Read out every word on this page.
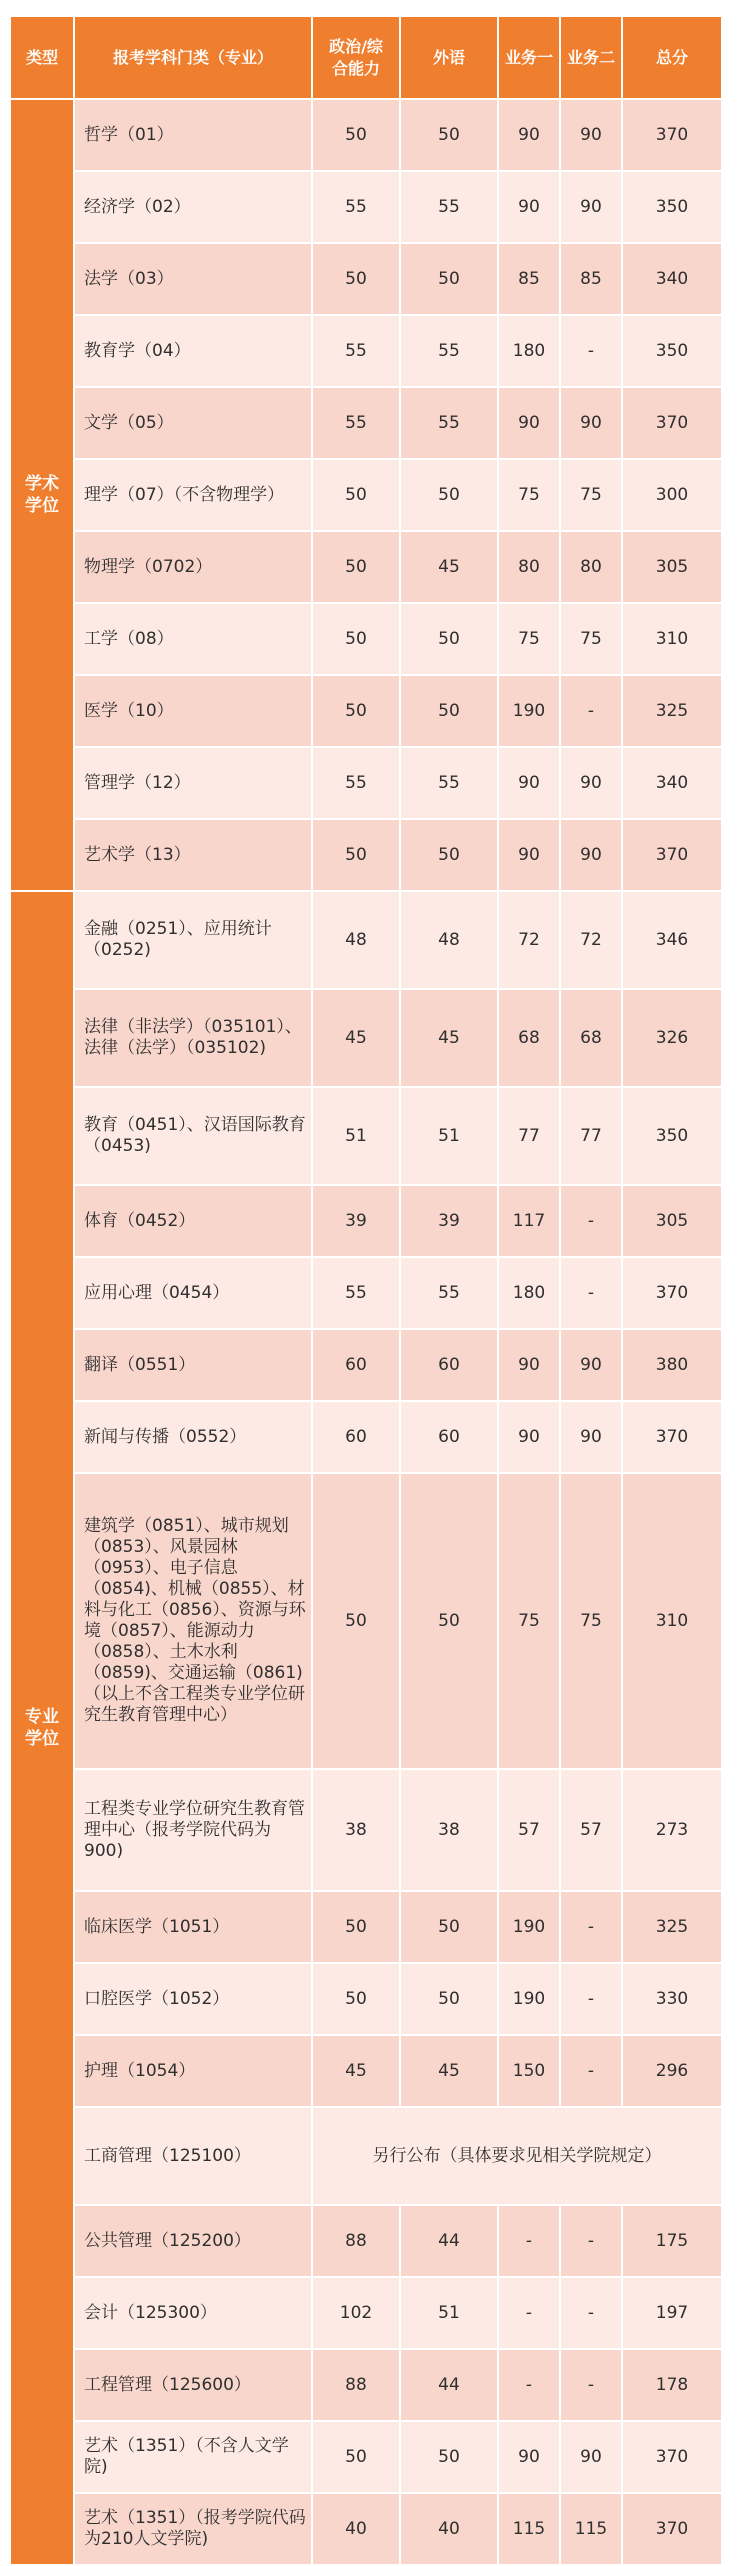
类型	报考学科门类（专业）	政治/综合能力	外语	业务一	业务二	总分
学术学位	哲学（01）	50	50	90	90	370
	经济学（02）	55	55	90	90	350
	法学（03）	50	50	85	85	340
	教育学（04）	55	55	180	-	350
	文学（05）	55	55	90	90	370
	理学（07）（不含物理学）	50	50	75	75	300
	物理学（0702）	50	45	80	80	305
	工学（08）	50	50	75	75	310
	医学（10）	50	50	190	-	325
	管理学（12）	55	55	90	90	340
	艺术学（13）	50	50	90	90	370
专业学位	金融（0251）、应用统计（0252)	48	48	72	72	346
	法律（非法学）（035101）、法律（法学）（035102)	45	45	68	68	326
	教育（0451）、汉语国际教育（0453)	51	51	77	77	350
	体育（0452）	39	39	117	-	305
	应用心理（0454）	55	55	180	-	370
	翻译（0551）	60	60	90	90	380
	新闻与传播（0552）	60	60	90	90	370
	建筑学（0851）、城市规划（0853）、风景园林（0953）、电子信息（0854)、机械（0855）、材料与化工（0856）、资源与环境（0857）、能源动力（0858）、土木水利（0859)、交通运输（0861)（以上不含工程类专业学位研究生教育管理中心）	50	50	75	75	310
	工程类专业学位研究生教育管理中心（报考学院代码为900)	38	38	57	57	273
	临床医学（1051）	50	50	190	-	325
	口腔医学（1052）	50	50	190	-	330
	护理（1054）	45	45	150	-	296
	工商管理（125100）	另行公布（具体要求见相关学院规定）				
	公共管理（125200）	88	44	-	-	175
	会计（125300）	102	51	-	-	197
	工程管理（125600）	88	44	-	-	178
	艺术（1351）（不含人文学院)	50	50	90	90	370
	艺术（1351）（报考学院代码为210人文学院)	40	40	115	115	370
